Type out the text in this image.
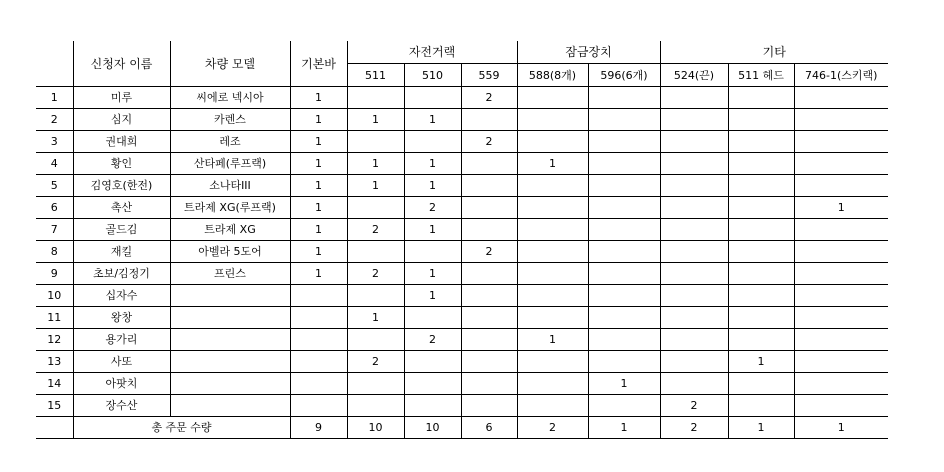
	신청자 이름	차량 모델	기본바	자전거랙			잠금장치		기타		
				511	510	559	588(8개)	596(6개)	524(끈)	511 헤드	746-1(스키랙)
1	미루	씨에로 넥시아	1			2					
2	심지	카렌스	1	1	1						
3	권대희	레조	1			2					
4	황인	산타페(루프랙)	1	1	1		1				
5	김영호(한전)	소나타III	1	1	1						
6	촉산	트라제 XG(루프랙)	1		2						1
7	골드김	트라제 XG	1	2	1						
8	재킬	아벨라 5도어	1			2					
9	초보/김정기	프린스	1	2	1						
10	십자수				1						
11	왕창			1							
12	용가리				2		1				
13	사또			2						1	
14	아팟치							1			
15	장수산								2		
	총 주문 수량		9	10	10	6	2	1	2	1	1
